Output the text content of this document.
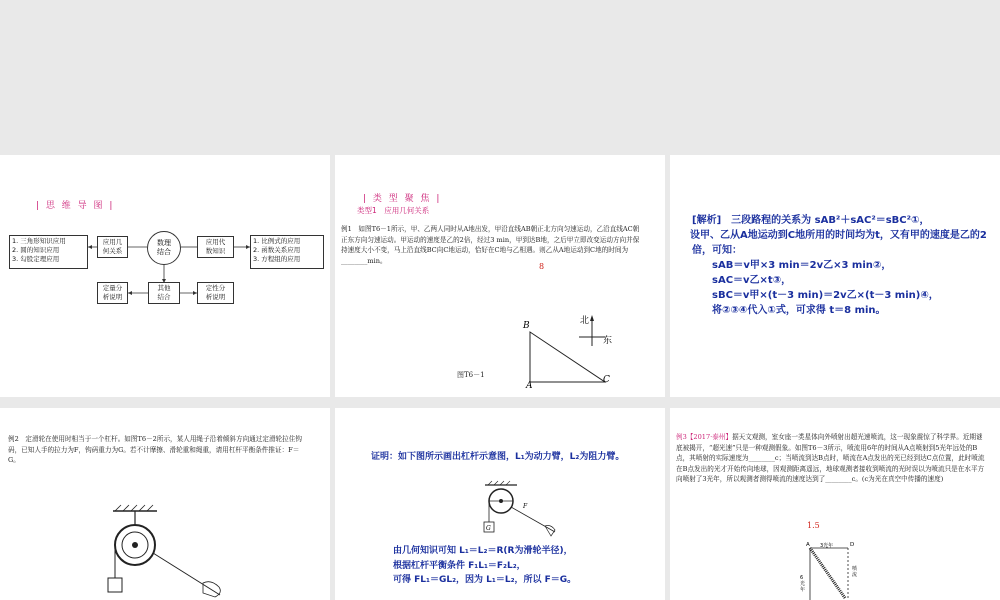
| 思 维 导 图 |
1. 三角形知识应用
2. 圆的知识应用
3. 勾股定理应用
应用几
何关系
数理
结合
应用代
数知识
1. 比例式的应用
2. 函数关系应用
3. 方程组的应用
定量分
析说明
其他
结合
定性分
析说明
| 类 型 聚 焦 |
类型1　应用几何关系
例1　如图T6－1所示，甲、乙两人同时从A地出发，甲沿直线AB朝正北方向匀速运动，乙沿直线AC朝正东方向匀速运动。甲运动的速度是乙的2倍，经过3 min，甲到达B地，之后甲立即改变运动方向并保持速度大小不变，马上沿直线BC向C地运动，恰好在C地与乙相遇。则乙从A地运动到C地的时间为________min。
8
北
东
B
A
C
图T6－1
[解析]　三段路程的关系为 sAB²＋sAC²＝sBC²①，
　　设甲、乙从A地运动到C地所用的时间均为t，又有甲的速度是乙的2倍，可知：
　　sAB＝v甲×3 min＝2v乙×3 min②，
　　sAC＝v乙×t③，
　　sBC＝v甲×(t－3 min)＝2v乙×(t－3 min)④，
　　将②③④代入①式，可求得 t＝8 min。
例2　定滑轮在使用时相当于一个杠杆。如图T6－2所示，某人用绳子沿着倾斜方向通过定滑轮拉住钩码，已知人手的拉力为F，钩码重力为G。若不计摩擦、滑轮重和绳重，请用杠杆平衡条件推证：F＝G。	证明：如下图所示画出杠杆示意图，L₁为动力臂，L₂为阻力臂。
F
G
由几何知识可知 L₁＝L₂＝R(R为滑轮半径)，
根据杠杆平衡条件 F₁L₁＝F₂L₂，
可得 FL₁＝GL₂，因为 L₁＝L₂，所以 F＝G。
例3【2017·泰州】据天文观测，室女座一类星体向外喷射出超光速喷流，这一现象震惊了科学界。近期谜底被揭开，“超光速”只是一种观测假象。如图T6－3所示，喷流用6年的时间从A点喷射到5光年远处的B点，其喷射的实际速度为________c；当喷流到达B点时，喷流在A点发出的光已经到达C点位置，此时喷流在B点发出的光才开始传向地球，因观测距离遥远，地球观测者接收到喷流的光时误以为喷流只是在水平方向喷射了3光年，所以观测者测得喷流的速度达到了________c。(c为光在真空中传播的速度)
1.5
A	D
3光年
6光年
喷流
